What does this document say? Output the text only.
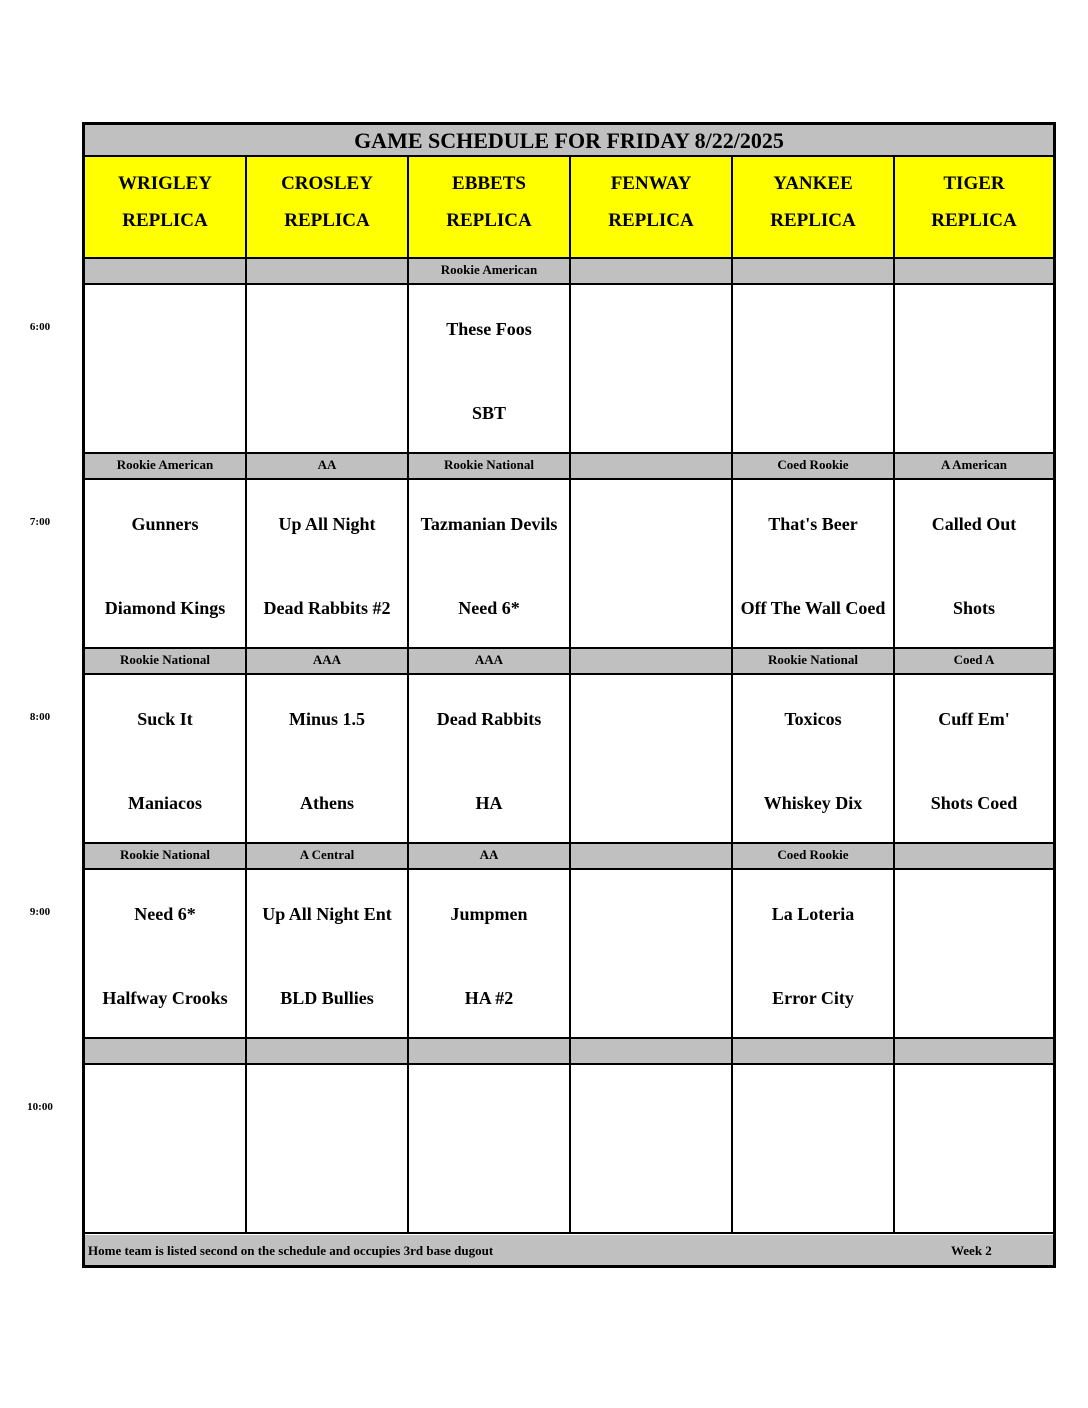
GAME SCHEDULE FOR FRIDAY 8/22/2025
WRIGLEY
REPLICA
CROSLEY
REPLICA
EBBETS
REPLICA
FENWAY
REPLICA
YANKEE
REPLICA
TIGER
REPLICA
Rookie American
These Foos
SBT
Rookie American
Gunners
Diamond Kings
AA
Up All Night
Dead Rabbits #2
Rookie National
Tazmanian Devils
Need 6*
Coed Rookie
That's Beer
Off The Wall Coed
A American
Called Out
Shots
Rookie National
Suck It
Maniacos
AAA
Minus 1.5
Athens
AAA
Dead Rabbits
HA
Rookie National
Toxicos
Whiskey Dix
Coed A
Cuff Em'
Shots Coed
Rookie National
Need 6*
Halfway Crooks
A Central
Up All Night Ent
BLD Bullies
AA
Jumpmen
HA #2
Coed Rookie
La Loteria
Error City
Home team is listed second on the schedule and occupies 3rd base dugout	Week 2
6:00
7:00
8:00
9:00
10:00
